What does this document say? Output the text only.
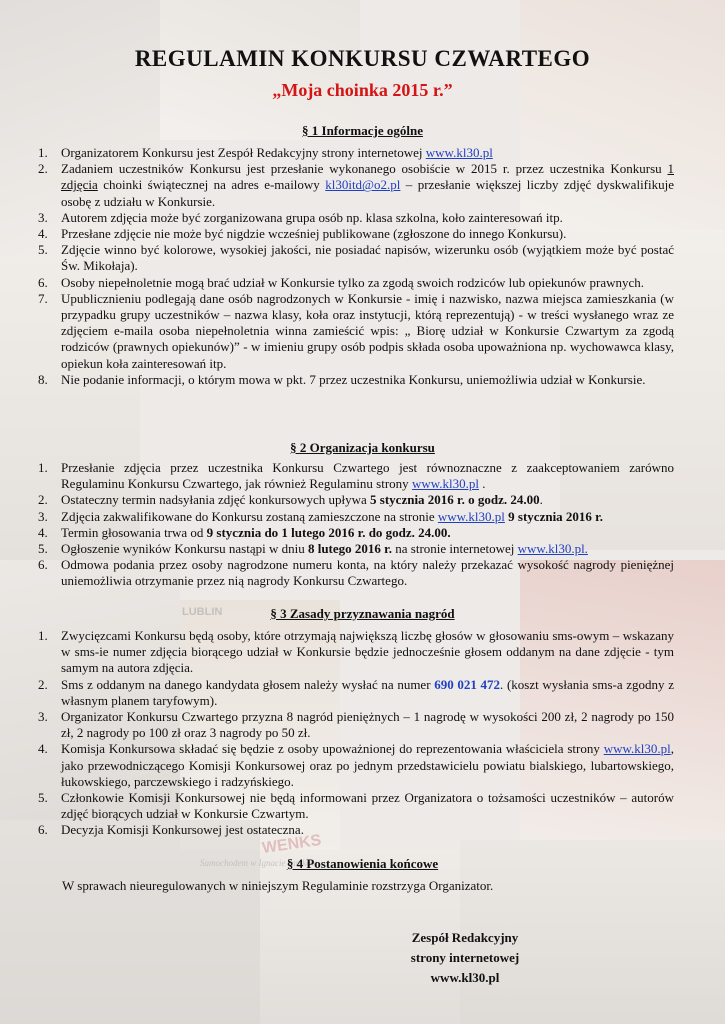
REGULAMIN KONKURSU CZWARTEGO

„Moja choinka 2015 r.”

§ 1 Informacje ogólne

1. Organizatorem Konkursu jest Zespół Redakcyjny strony internetowej www.kl30.pl
2. Zadaniem uczestników Konkursu jest przesłanie wykonanego osobiście w 2015 r. przez uczestnika Konkursu 1 zdjęcia choinki świątecznej na adres e-mailowy kl30itd@o2.pl – przesłanie większej liczby zdjęć dyskwalifikuje osobę z udziału w Konkursie.
3. Autorem zdjęcia może być zorganizowana grupa osób np. klasa szkolna, koło zainteresowań itp.
4. Przesłane zdjęcie nie może być nigdzie wcześniej publikowane (zgłoszone do innego Konkursu).
5. Zdjęcie winno być kolorowe, wysokiej jakości, nie posiadać napisów, wizerunku osób (wyjątkiem może być postać Św. Mikołaja).
6. Osoby niepełnoletnie mogą brać udział w Konkursie tylko za zgodą swoich rodziców lub opiekunów prawnych.
7. Upublicznieniu podlegają dane osób nagrodzonych w Konkursie - imię i nazwisko, nazwa miejsca zamieszkania (w przypadku grupy uczestników – nazwa klasy, koła oraz instytucji, którą reprezentują) - w treści wysłanego wraz ze zdjęciem e-maila osoba niepełnoletnia winna zamieścić wpis: „ Biorę udział w Konkursie Czwartym za zgodą rodziców (prawnych opiekunów)” - w imieniu grupy osób podpis składa osoba upoważniona np. wychowawca klasy, opiekun koła zainteresowań itp.
8. Nie podanie informacji, o którym mowa w pkt. 7 przez uczestnika Konkursu, uniemożliwia udział w Konkursie.

§ 2 Organizacja konkursu

1. Przesłanie zdjęcia przez uczestnika Konkursu Czwartego jest równoznaczne z zaakceptowaniem zarówno Regulaminu Konkursu Czwartego, jak również Regulaminu strony www.kl30.pl .
2. Ostateczny termin nadsyłania zdjęć konkursowych upływa 5 stycznia 2016 r. o godz. 24.00.
3. Zdjęcia zakwalifikowane do Konkursu zostaną zamieszczone na stronie www.kl30.pl 9 stycznia 2016 r.
4. Termin głosowania trwa od 9 stycznia do 1 lutego 2016 r. do godz. 24.00.
5. Ogłoszenie wyników Konkursu nastąpi w dniu 8 lutego 2016 r. na stronie internetowej www.kl30.pl.
6. Odmowa podania przez osoby nagrodzone numeru konta, na który należy przekazać wysokość nagrody pieniężnej uniemożliwia otrzymanie przez nią nagrody Konkursu Czwartego.

§ 3 Zasady przyznawania nagród

1. Zwycięzcami Konkursu będą osoby, które otrzymają największą liczbę głosów w głosowaniu sms-owym – wskazany w sms-ie numer zdjęcia biorącego udział w Konkursie będzie jednocześnie głosem oddanym na dane zdjęcie - tym samym na autora zdjęcia.
2. Sms z oddanym na danego kandydata głosem należy wysłać na numer 690 021 472. (koszt wysłania sms-a zgodny z własnym planem taryfowym).
3. Organizator Konkursu Czwartego przyzna 8 nagród pieniężnych – 1 nagrodę w wysokości 200 zł, 2 nagrody po 150 zł, 2 nagrody po 100 zł oraz 3 nagrody po 50 zł.
4. Komisja Konkursowa składać się będzie z osoby upoważnionej do reprezentowania właściciela strony www.kl30.pl, jako przewodniczącego Komisji Konkursowej oraz po jednym przedstawicielu powiatu bialskiego, lubartowskiego, łukowskiego, parczewskiego i radzyńskiego.
5. Członkowie Komisji Konkursowej nie będą informowani przez Organizatora o tożsamości uczestników – autorów zdjęć biorących udział w Konkursie Czwartym.
6. Decyzja Komisji Konkursowej jest ostateczna.

§ 4 Postanowienia końcowe

W sprawach nieuregulowanych w niniejszym Regulaminie rozstrzyga Organizator.

Zespół Redakcyjny
strony internetowej
www.kl30.pl
